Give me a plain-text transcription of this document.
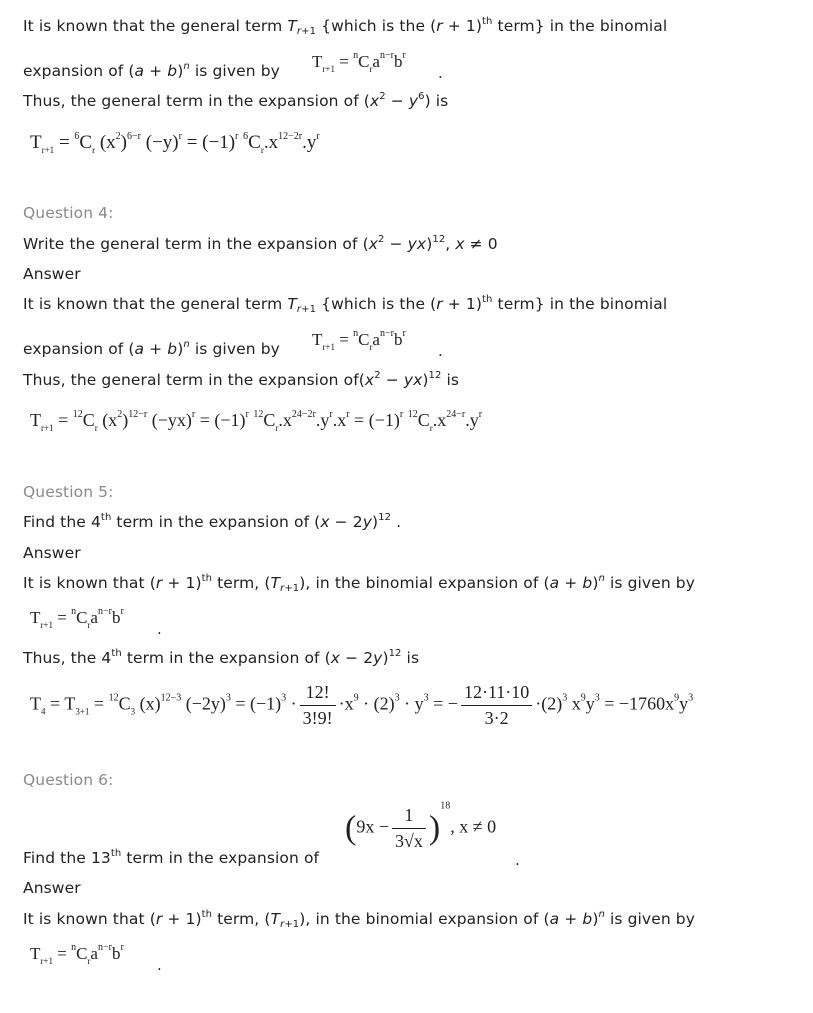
It is known that the general term $T_{r+1}$ {which is the $(r + 1)^{th}$ term} in the binomial
$T_{r+1} = ^nC_ra^{n-r}b^r$
expansion of $(a + b)^n$ is given by	.
Thus, the general term in the expansion of $(x^2 - y^6)$ is
$T_{r+1} = ^6C_r$ $(x^2)^{6-r}$ $(-y)^r = (-1)^r$ $^6C_r.x^{12-2r}.y^r$
Question 4:
Write the general term in the expansion of $(x^2 - yx)^{12}$, x ≠ 0
Answer
It is known that the general term $T_{r+1}$ {which is the $(r + 1)^{th}$ term} in the binomial
$T_{r+1} = ^nC_ra^{n-r}b^r$
expansion of $(a + b)^n$ is given by	.
Thus, the general term in the expansion $of(x^2 - yx)^{12}$ is
$T_{r+1} = ^{12}C_r$ $(x^2)^{12-r}$ $(-yx)^r = (-1)^r$ $^{12}C_r.x^{24-2r}.y^r.x^r = (-1)^r$ $^{12}C_r.x^{24-r}.y^r$
Question 5:
Find the 4th term in the expansion of $(x - 2y)^{12}$ .
Answer
It is known that $(r + 1)^{th}$ term, $(T_{r+1})$, in the binomial expansion of $(a + b)^n$ is given by
$T_{r+1} = ^nC_ra^{n-r}b^r$
.
Thus, the 4th term in the expansion of $(x - 2y)^{12}$ is
$T_4 = T_{3+1} = ^{12}C_3$ $(x)^{12-3}$ $(-2y)^3 = (-1)^3 \cdot \frac{12!}{3!9!} \cdot x^9 \cdot (2)^3 \cdot y^3$ = − $\frac{12\cdot 11\cdot 10}{3\cdot 2} \cdot(2)^3$ $x^9y^3 = -1760x^9y^3$
Question 6:
$(9x - \frac{1}{3√x} )^{18}$, x ≠ 0
Find the 13th term in the expansion of	.
Answer
It is known that $(r + 1)^{th}$ term, $(T_{r+1})$, in the binomial expansion of $(a + b)^n$ is given by
$T_{r+1} = ^nC_ra^{n-r}b^r$
.
